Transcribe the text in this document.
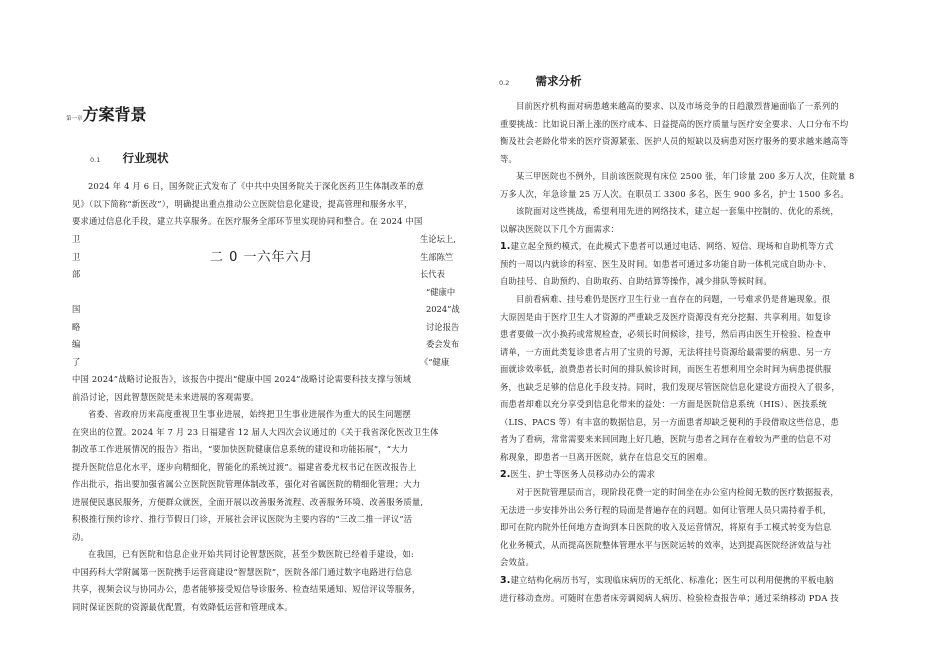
第一章方案背景
0.1 行业现状

2024 年 4 月 6 日，国务院正式发布了《中共中央国务院关于深化医药卫生体制改革的意

见》（以下简称“新医改”），明确提出重点推动公立医院信息化建设，提高管理和服务水平，

要求通过信息化手段，建立共享服务。在医疗服务全部环节里实现协同和整合。在 2024 中国

卫

卫

部

国

略

编

了

二 0 一六年六月

生论坛上,

生部陈竺

长代表

“健康中

2024”战

讨论报告

委会发布

《“健康

中国 2024”战略讨论报告》，该报告中提出“健康中国 2024”战略讨论需要科技支撑与领域

前沿讨论，因此智慧医院是未来进展的客观需要。

省委、省政府历来高度重视卫生事业进展，始终把卫生事业进展作为重大的民生问题摆

在突出的位置。2024 年 7 月 23 日福建省 12 届人大四次会议通过的《关于我省深化医改卫生体

制改革工作进展情况的报告》指出，“要加快医院健康信息系统的建设和功能拓展”，“大力

提升医院信息化水平，逐步向精细化，智能化的系统过渡”。福建省委尤权书记在医改报告上

作出批示，指出要加强省属公立医院医院管理体制改革，强化对省属医院的精细化管理；大力

进展便民惠民服务，方便群众就医，全面开展以改善服务流程、改善服务环境、改善服务质量,

积极推行预约诊疗、推行节假日门诊，开展社会评议医院为主要内容的“三改二推一评议”活

动。

在我国，已有医院和信息企业开始共同讨论智慧医院，甚至少数医院已经着手建设，如:

中国药科大学附属第一医院携手运营商建设“智慧医院”，医院各部门通过数字电路进行信息

共享，视频会议与协同办公，患者能够接受短信导诊服务、检查结果通知、短信评议等服务，

同时保证医院的资源最优配置，有效降低运营和管理成本。

0.2 需求分析

目前医疗机构面对病患越来越高的要求、以及市场竞争的日趋激烈普遍面临了一系列的

重要挑战：比如说日渐上涨的医疗成本、日益提高的医疗质量与医疗安全要求、人口分布不均

衡及社会老龄化带来的医疗资源紧张、医护人员的短缺以及病患对医疗服务的要求越来越高等

等。

某三甲医院也不例外，目前该医院现有床位 2500 张，年门诊量 200 多万人次，住院量 8

万多人次，年急诊量 25 万人次。在职员工 3300 多名，医生 900 多名，护士 1500 多名。

该院面对这些挑战，希望利用先进的网络技术，建立起一套集中控制的、优化的系统，

以解决医院以下几个方面需求：

1.建立起全预约模式，在此模式下患者可以通过电话、网络、短信、现场和自助机等方式

预约一周以内就诊的科室、医生及时间。如患者可通过多功能自助一体机完成自助办卡、

自助挂号、自助预约、自助取药、自助结算等操作，减少排队等候时间。

目前看病难、挂号难仍是医疗卫生行业一直存在的问题，一号难求仍是普遍现象。很

大原因是由于医疗卫生人才资源的严重缺乏及医疗资源没有充分挖掘、共享利用。如复诊

患者要做一次小换药或常规检查，必须长时间候诊，挂号，然后再由医生开检验、检查申

请单，一方面此类复诊患者占用了宝贵的号源，无法将挂号资源给最需要的病患、另一方

面就诊效率低，浪费患者长时间的排队候诊时间，而医生若想利用空余时间为病患提供服

务，也缺乏足够的信息化手段支持。同时，我们发现尽管医院信息化建设方面投入了很多，

而患者却难以充分享受到信息化带来的益处：一方面是医院信息系统（HIS）、医技系统

（LIS、PACS 等）有丰富的数据信息，另一方面患者却缺乏便利的手段借取这些信息，患

者为了看病，常常需要来来回回跑上好几趟，医院与患者之间存在着较为严重的信息不对

称现象，即患者一旦离开医院，就存在信息交互的困难。

2.医生、护士等医务人员移动办公的需求

对于医院管理层而言，现阶段花费一定的时间坐在办公室内检阅无数的医疗数据报表，

无法进一步安排外出公务行程的局面是普遍存在的问题。如何让管理人员只需持着手机，

即可在院内院外任何地方查询到本日医院的收入及运营情况，将原有手工模式转变为信息

化业务模式，从而提高医院整体管理水平与医院运转的效率，达到提高医院经济效益与社

会效益。

3.建立结构化病历书写，实现临床病历的无纸化、标准化；医生可以利用便携的平板电脑

进行移动查房。可随时在患者床旁调阅病人病历、检验检查报告单；通过采纳移动 PDA 技
